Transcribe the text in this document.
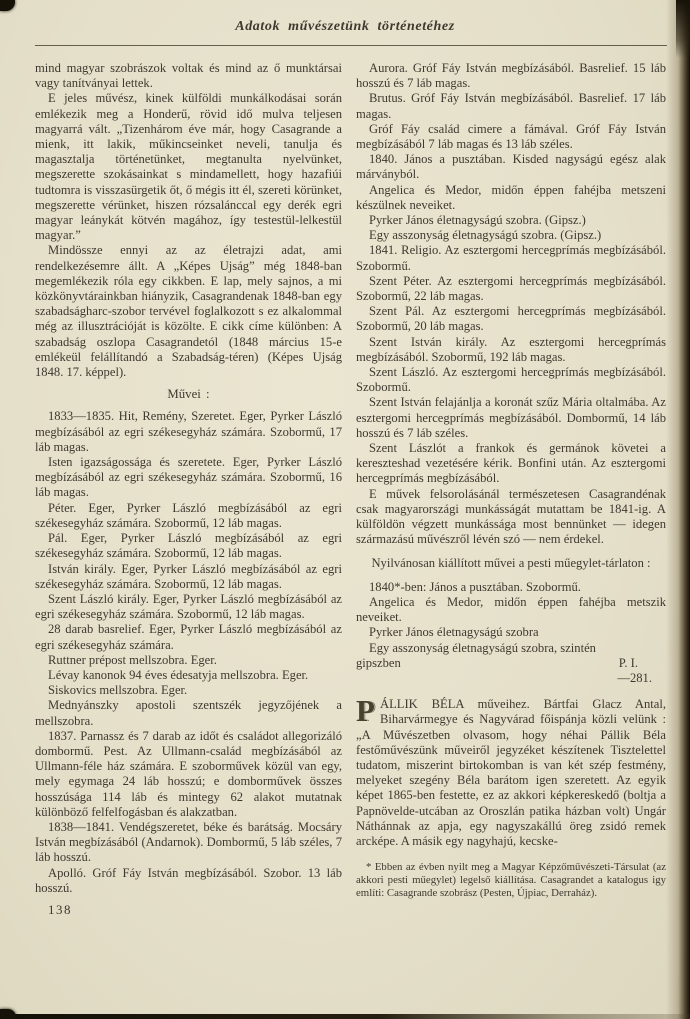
Adatok művészetünk történetéhez

mind magyar szobrászok voltak és mind az ő munktársai vagy tanítványai lettek.

E jeles művész, kinek külföldi munkálkodásai során emlékezik meg a Honderű, rövid idő mulva teljesen magyarrá vált. „Tizenhárom éve már, hogy Casagrande a mienk, itt lakik, műkincseinket neveli, tanulja és magasztalja történetünket, megtanulta nyelvünket, megszerette szokásainkat s mindamellett, hogy hazafiúi tudtomra is visszasürgetik őt, ő mégis itt él, szereti körünket, megszerette vérünket, hiszen rózsalánccal egy derék egri magyar leánykát kötvén magához, így testestül-lelkestül magyar.”

Mindössze ennyi az az életrajzi adat, ami rendelkezésemre állt. A „Képes Ujság” még 1848-ban megemlékezik róla egy cikkben. E lap, mely sajnos, a mi közkönyvtárainkban hiányzik, Casagrandenak 1848-ban egy szabadságharc-szobor tervével foglalkozott s ez alkalommal még az illusztrációját is közölte. E cikk címe különben: A szabadság oszlopa Casagrandetól (1848 március 15-e emlékeül felállítandó a Szabadság-téren) (Képes Ujság 1848. 17. képpel).

Művei :

1833—1835. Hit, Remény, Szeretet. Eger, Pyrker László megbízásából az egri székesegyház számára. Szobormű, 17 láb magas.

Isten igazságossága és szeretete. Eger, Pyrker László megbízásából az egri székesegyház számára. Szobormű, 16 láb magas.

Péter. Eger, Pyrker László megbízásából az egri székesegyház számára. Szobormű, 12 láb magas.

Pál. Eger, Pyrker László megbízásából az egri székesegyház számára. Szobormű, 12 láb magas.

István király. Eger, Pyrker László megbízásából az egri székesegyház számára. Szobormű, 12 láb magas.

Szent László király. Eger, Pyrker László megbízásából az egri székesegyház számára. Szobormű, 12 láb magas.

28 darab basrelief. Eger, Pyrker László megbízásából az egri székesegyház számára.

Ruttner prépost mellszobra. Eger.

Lévay kanonok 94 éves édesatyja mellszobra. Eger.

Siskovics mellszobra. Eger.

Mednyánszky apostoli szentszék jegyzőjének a mellszobra.

1837. Parnassz és 7 darab az időt és családot allegorizáló dombormű. Pest. Az Ullmann-család megbízásából az Ullmann-féle ház számára. E szoborművek közül van egy, mely egymaga 24 láb hosszú; e domborművek összes hosszúsága 114 láb és mintegy 62 alakot mutatnak különböző felfelfogásban és alakzatban.

1838—1841. Vendégszeretet, béke és barátság. Mocsáry István megbízásából (Andarnok). Dombormű, 5 láb széles, 7 láb hosszú.

Apolló. Gróf Fáy István megbízásából. Szobor. 13 láb hosszú.

138

Aurora. Gróf Fáy István megbízásából. Basrelief. 15 láb hosszú és 7 láb magas.

Brutus. Gróf Fáy István megbízásából. Basrelief. 17 láb magas.

Gróf Fáy család cimere a fámával. Gróf Fáy István megbízásából 7 láb magas és 13 láb széles.

1840. János a pusztában. Kisded nagyságú egész alak márványból.

Angelica és Medor, midőn éppen fahéjba metszeni készülnek neveiket.

Pyrker János életnagyságú szobra. (Gipsz.)

Egy asszonyság életnagyságú szobra. (Gipsz.)

1841. Religio. Az esztergomi hercegprímás megbízásából. Szobormű.

Szent Péter. Az esztergomi hercegprímás megbízásából. Szobormű, 22 láb magas.

Szent Pál. Az esztergomi hercegprímás megbízásából. Szobormű, 20 láb magas.

Szent István király. Az esztergomi hercegprímás megbízásából. Szobormű, 192 láb magas.

Szent László. Az esztergomi hercegprímás megbízásából. Szobormű.

Szent István felajánlja a koronát szűz Mária oltalmába. Az esztergomi hercegprímás megbízásából. Dombormű, 14 láb hosszú és 7 láb széles.

Szent Lászlót a frankok és germánok követei a kereszteshad vezetésére kérik. Bonfini után. Az esztergomi hercegprímás megbízásából.

E művek felsorolásánál természetesen Casagrandénak csak magyarországi munkásságát mutattam be 1841-ig. A külföldön végzett munkássága most bennünket — idegen származású művészről lévén szó — nem érdekel.

Nyilvánosan kiállított művei a pesti műegylet-tárlaton :

1840*-ben: János a pusztában. Szobormű.

Angelica és Medor, midőn éppen fahéjba metszik neveiket.

Pyrker János életnagyságú szobra

Egy asszonyság életnagyságú szobra, szintén

gipszben	P. I.
—281.

PÁLLIK BÉLA műveihez. Bártfai Glacz Antal, Biharvármegye és Nagyvárad főispánja közli velünk : „A Művészetben olvasom, hogy néhai Pállik Béla festőművészünk műveiről jegyzéket készítenek Tisztelettel tudatom, miszerint birtokomban is van két szép festmény, melyeket szegény Béla barátom igen szeretett. Az egyik képet 1865-ben festette, ez az akkori képkereskedő (boltja a Papnövelde-utcában az Oroszlán patika házban volt) Ungár Náthánnak az apja, egy nagyszakállú öreg zsidó remek arcképe. A másik egy nagyhajú, kecske-

* Ebben az évben nyilt meg a Magyar Képzőművészeti-Társulat (az akkori pesti műegylet) legelső kiállítása. Casagrandet a katalogus igy említi: Casagrande szobrász (Pesten, Újpiac, Derraház).
